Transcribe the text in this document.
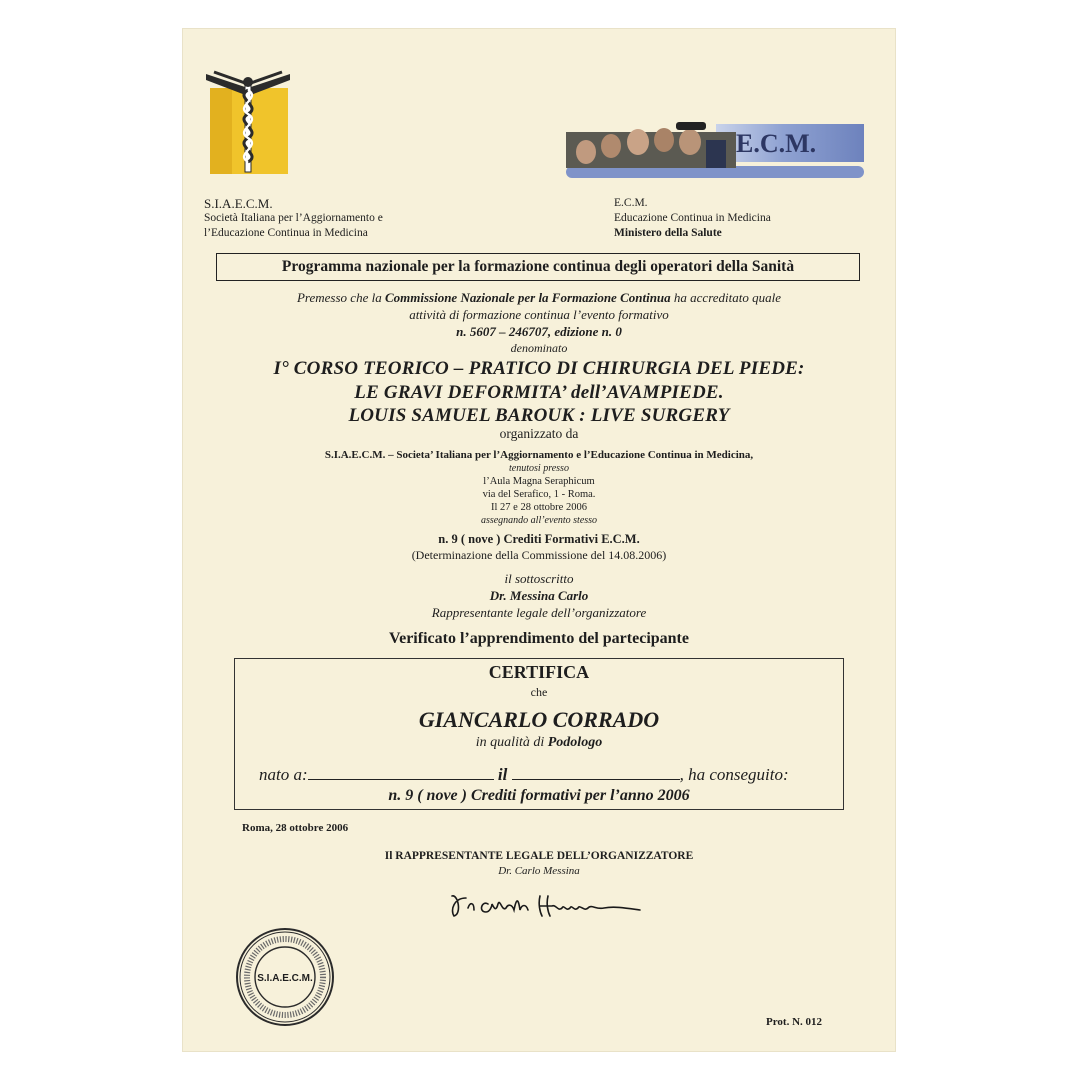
E.C.M.
S.I.A.E.C.M.
Società Italiana per l’Aggiornamento e
l’Educazione Continua in Medicina
E.C.M.
Educazione Continua in Medicina
Ministero della Salute
Programma nazionale per la formazione continua degli operatori della Sanità
Premesso che la Commissione Nazionale per la Formazione Continua ha accreditato quale
attività di formazione continua l’evento formativo
n. 5607 – 246707, edizione n. 0
denominato
I° CORSO TEORICO – PRATICO DI CHIRURGIA DEL PIEDE:
LE GRAVI DEFORMITA’ dell’AVAMPIEDE.
LOUIS SAMUEL BAROUK : LIVE SURGERY
organizzato da
S.I.A.E.C.M. – Societa’ Italiana per l’Aggiornamento e l’Educazione Continua in Medicina,
tenutosi presso
l’Aula Magna Seraphicum
via del Serafico, 1 - Roma.
Il 27 e 28 ottobre 2006
assegnando all’evento stesso
n. 9 ( nove ) Crediti Formativi E.C.M.
(Determinazione della Commissione del 14.08.2006)
il sottoscritto
Dr. Messina Carlo
Rappresentante legale dell’organizzatore
Verificato l’apprendimento del partecipante
CERTIFICA
che
GIANCARLO CORRADO
in qualità di Podologo
nato a:	il	, ha conseguito:
n. 9 ( nove ) Crediti formativi per l’anno 2006
Roma, 28 ottobre 2006
Il RAPPRESENTANTE LEGALE DELL’ORGANIZZATORE
Dr. Carlo Messina
S.I.A.E.C.M.
Prot. N. 012
